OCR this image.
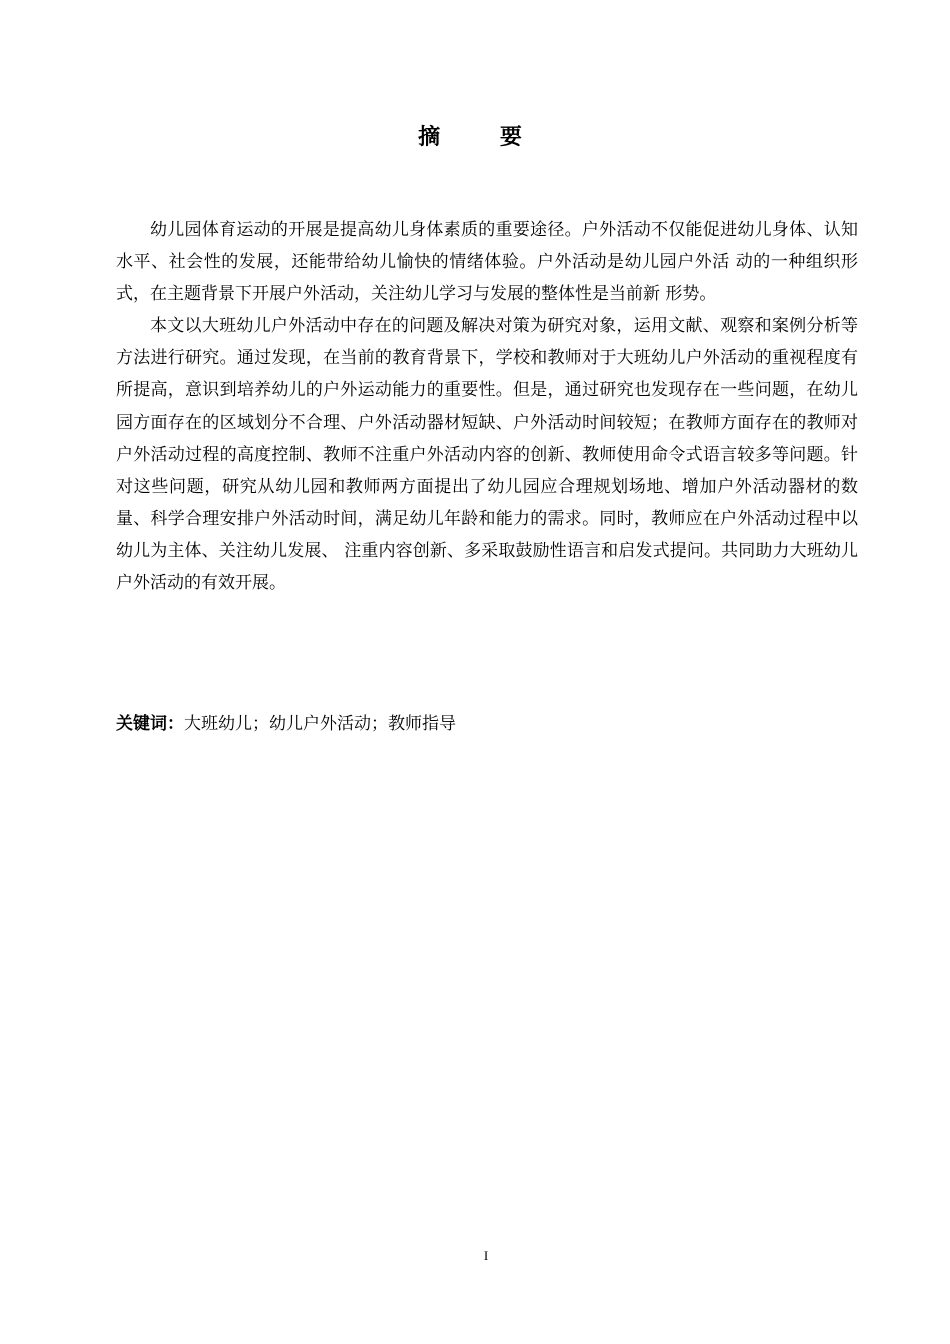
摘 要

幼儿园体育运动的开展是提高幼儿身体素质的重要途径。户外活动不仅能促进幼儿身体、认知水平、社会性的发展，还能带给幼儿愉快的情绪体验。户外活动是幼儿园户外活 动的一种组织形式，在主题背景下开展户外活动，关注幼儿学习与发展的整体性是当前新 形势。

本文以大班幼儿户外活动中存在的问题及解决对策为研究对象，运用文献、观察和案例分析等方法进行研究。通过发现，在当前的教育背景下，学校和教师对于大班幼儿户外活动的重视程度有所提高，意识到培养幼儿的户外运动能力的重要性。但是，通过研究也发现存在一些问题，在幼儿园方面存在的区域划分不合理、户外活动器材短缺、户外活动时间较短；在教师方面存在的教师对户外活动过程的高度控制、教师不注重户外活动内容的创新、教师使用命令式语言较多等问题。针对这些问题，研究从幼儿园和教师两方面提出了幼儿园应合理规划场地、增加户外活动器材的数量、科学合理安排户外活动时间，满足幼儿年龄和能力的需求。同时，教师应在户外活动过程中以幼儿为主体、关注幼儿发展、 注重内容创新、多采取鼓励性语言和启发式提问。共同助力大班幼儿户外活动的有效开展。

关键词：大班幼儿；幼儿户外活动；教师指导
I
